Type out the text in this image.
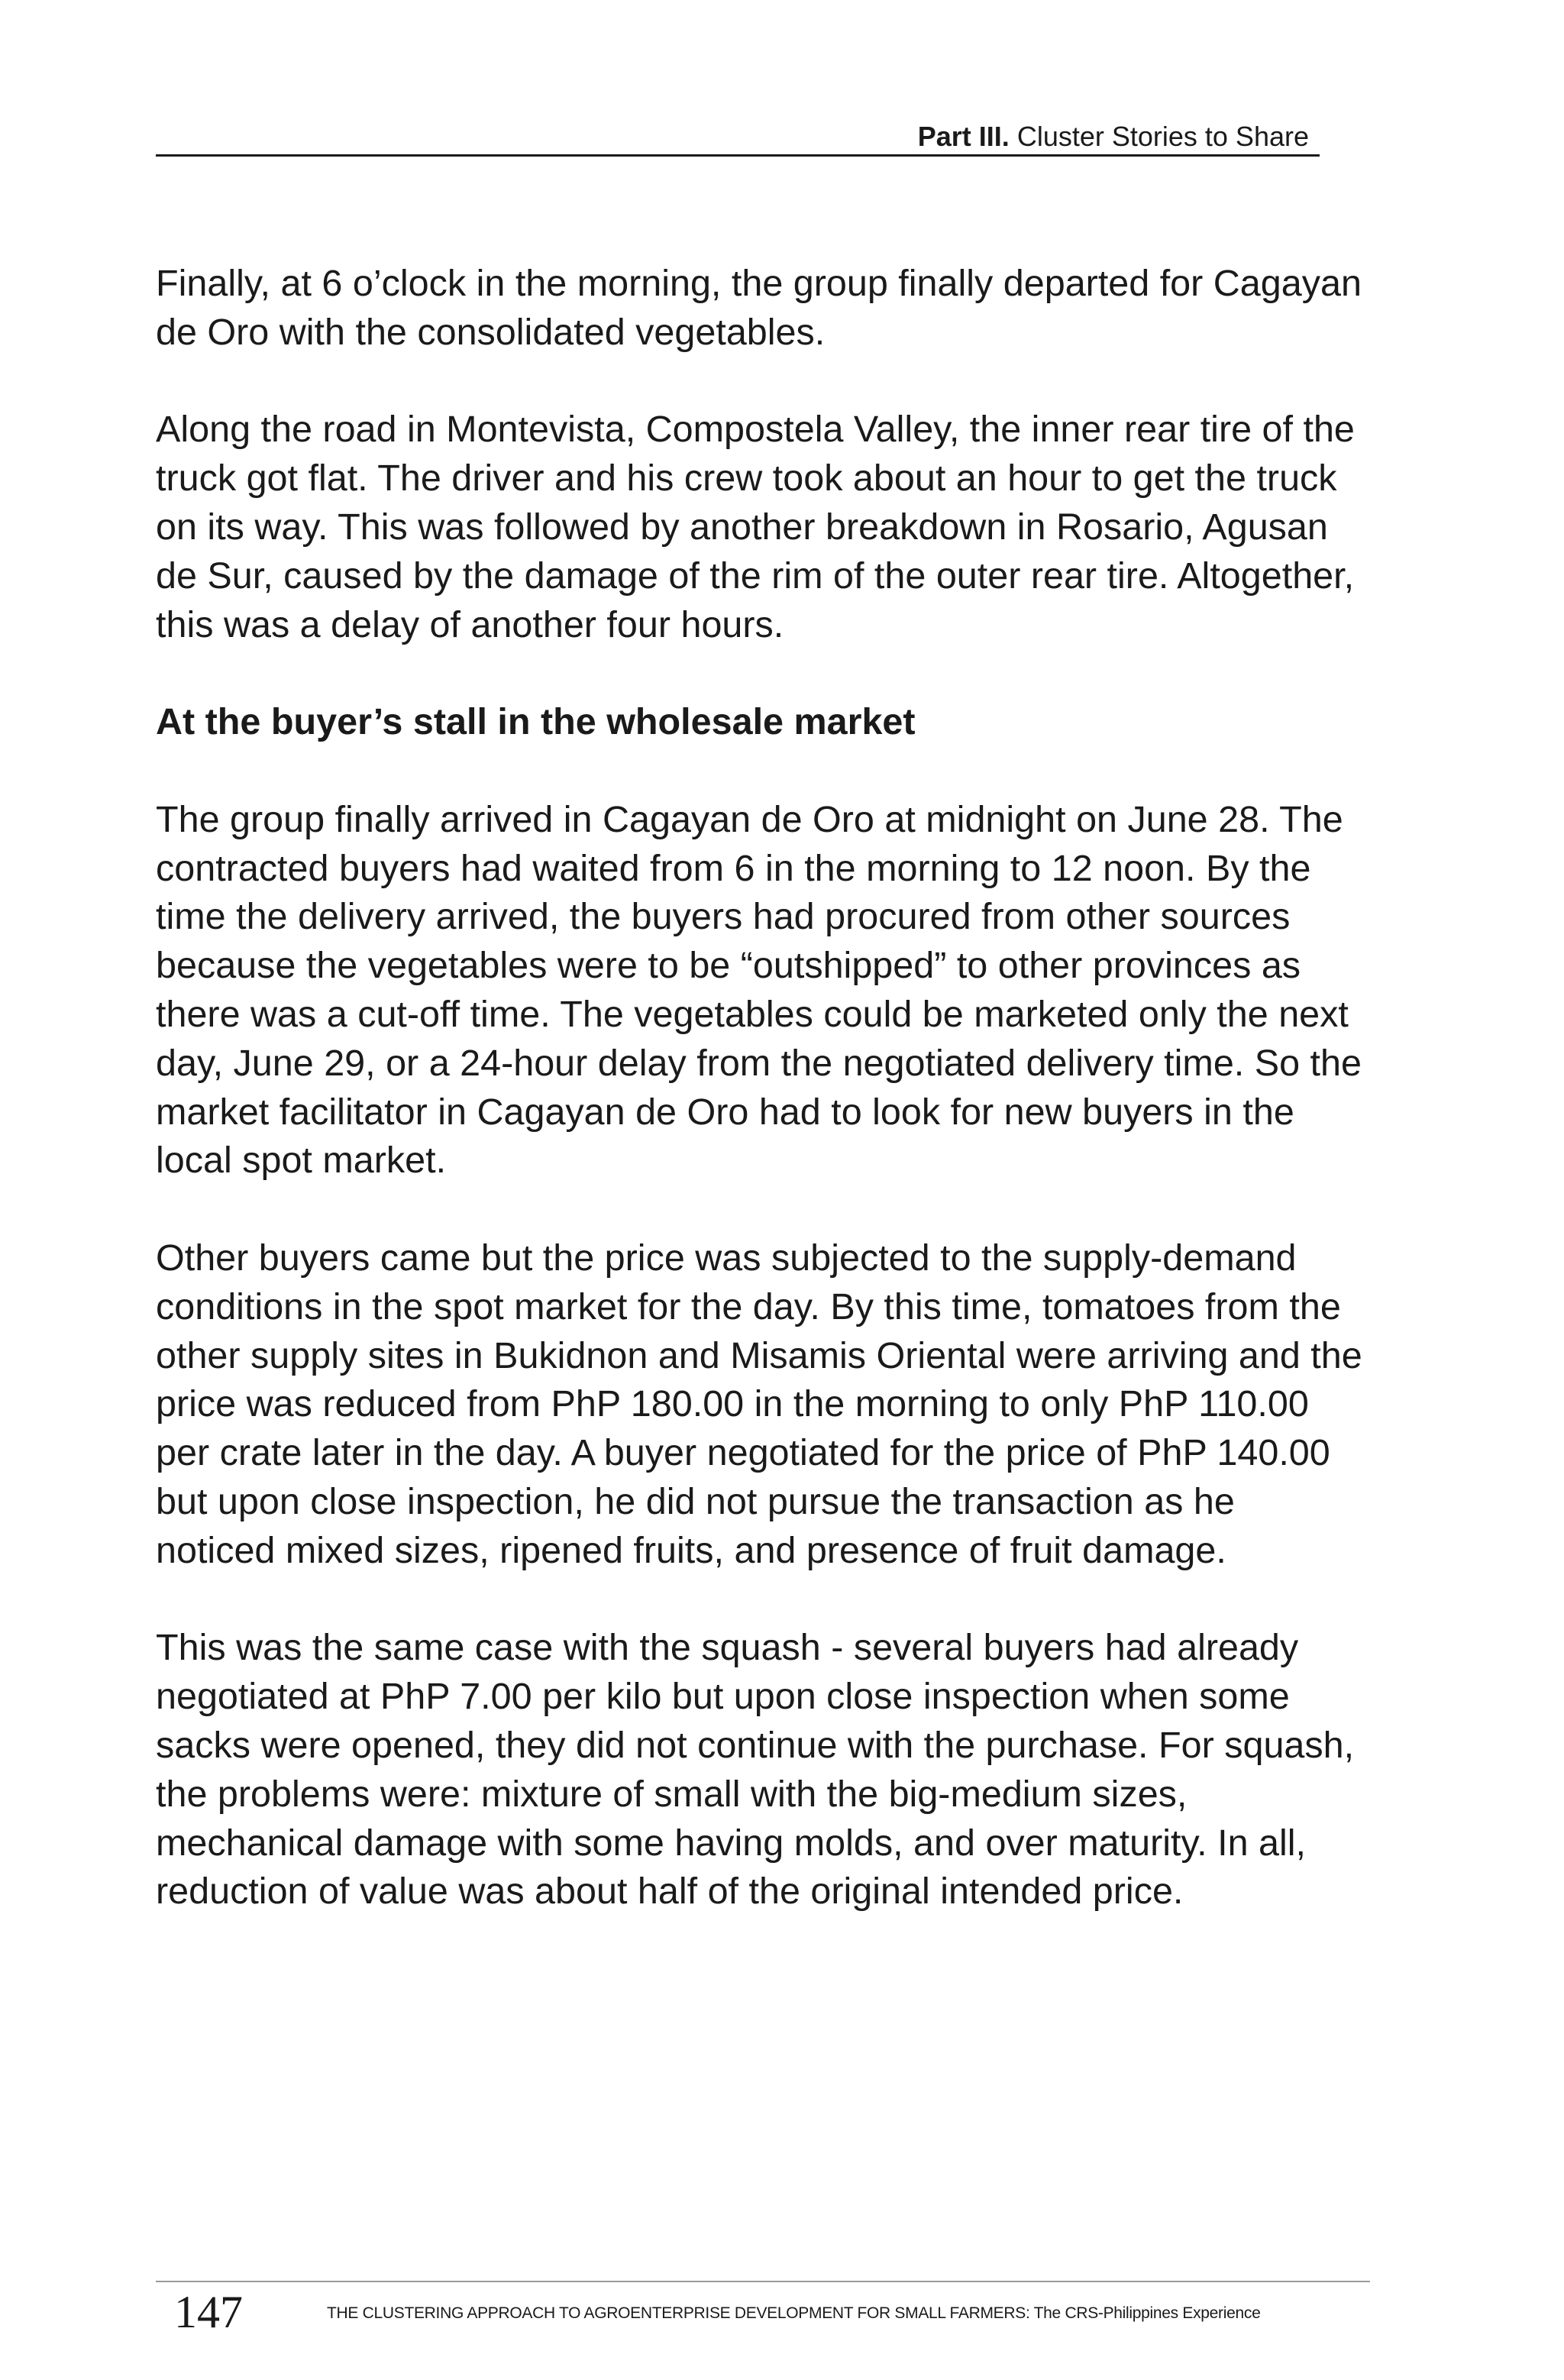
Part III. Cluster Stories to Share

Finally, at 6 o’clock in the morning, the group finally departed for Cagayan de Oro with the consolidated vegetables.

Along the road in Montevista, Compostela Valley, the inner rear tire of the truck got flat. The driver and his crew took about an hour to get the truck on its way. This was followed by another breakdown in Rosario, Agusan de Sur, caused by the damage of the rim of the outer rear tire. Altogether, this was a delay of another four hours.

At the buyer’s stall in the wholesale market

The group finally arrived in Cagayan de Oro at midnight on June 28. The contracted buyers had waited from 6 in the morning to 12 noon. By the time the delivery arrived, the buyers had procured from other sources because the vegetables were to be “outshipped” to other provinces as there was a cut-off time. The vegetables could be marketed only the next day, June 29, or a 24-hour delay from the negotiated delivery time. So the market facilitator in Cagayan de Oro had to look for new buyers in the local spot market.

Other buyers came but the price was subjected to the supply-demand conditions in the spot market for the day. By this time, tomatoes from the other supply sites in Bukidnon and Misamis Oriental were arriving and the price was reduced from PhP 180.00 in the morning to only PhP 110.00 per crate later in the day. A buyer negotiated for the price of PhP 140.00 but upon close inspection, he did not pursue the transaction as he noticed mixed sizes, ripened fruits, and presence of fruit damage.

This was the same case with the squash - several buyers had already negotiated at PhP 7.00 per kilo but upon close inspection when some sacks were opened, they did not continue with the purchase. For squash, the problems were: mixture of small with the big-medium sizes, mechanical damage with some having molds, and over maturity. In all, reduction of value was about half of the original intended price.

147	THE CLUSTERING APPROACH TO AGROENTERPRISE DEVELOPMENT FOR SMALL FARMERS: The CRS-Philippines Experience
